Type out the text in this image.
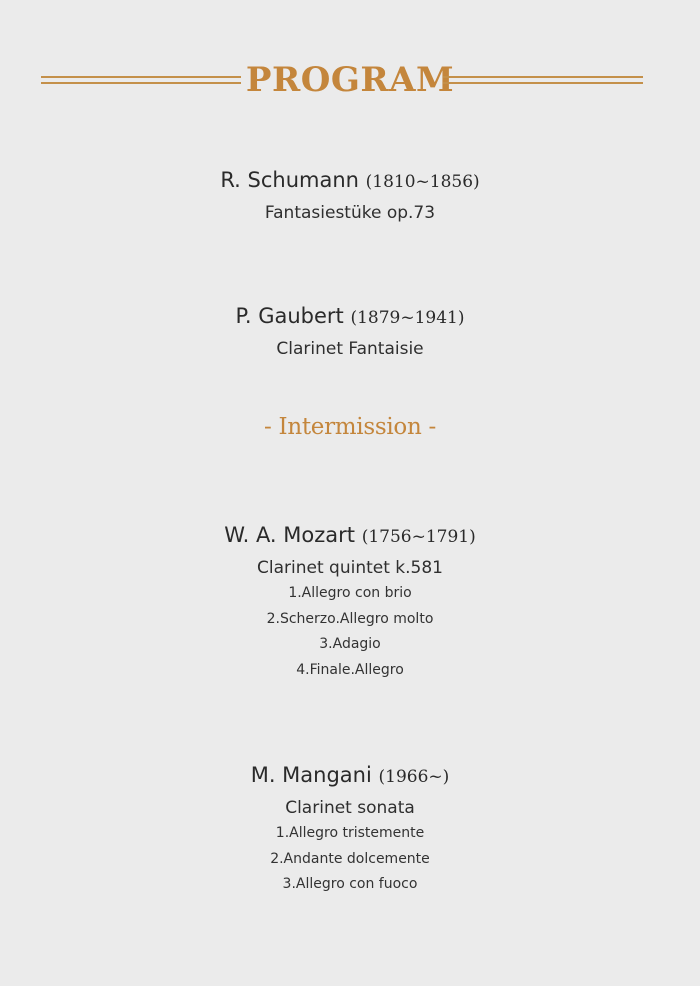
PROGRAM
R. Schumann (1810~1856)
Fantasiestüke op.73
P. Gaubert (1879~1941)
Clarinet Fantaisie
- Intermission -
W. A. Mozart (1756~1791)
Clarinet quintet k.581
1.Allegro con brio
2.Scherzo.Allegro molto
3.Adagio
4.Finale.Allegro
M. Mangani (1966~)
Clarinet sonata
1.Allegro tristemente
2.Andante dolcemente
3.Allegro con fuoco
